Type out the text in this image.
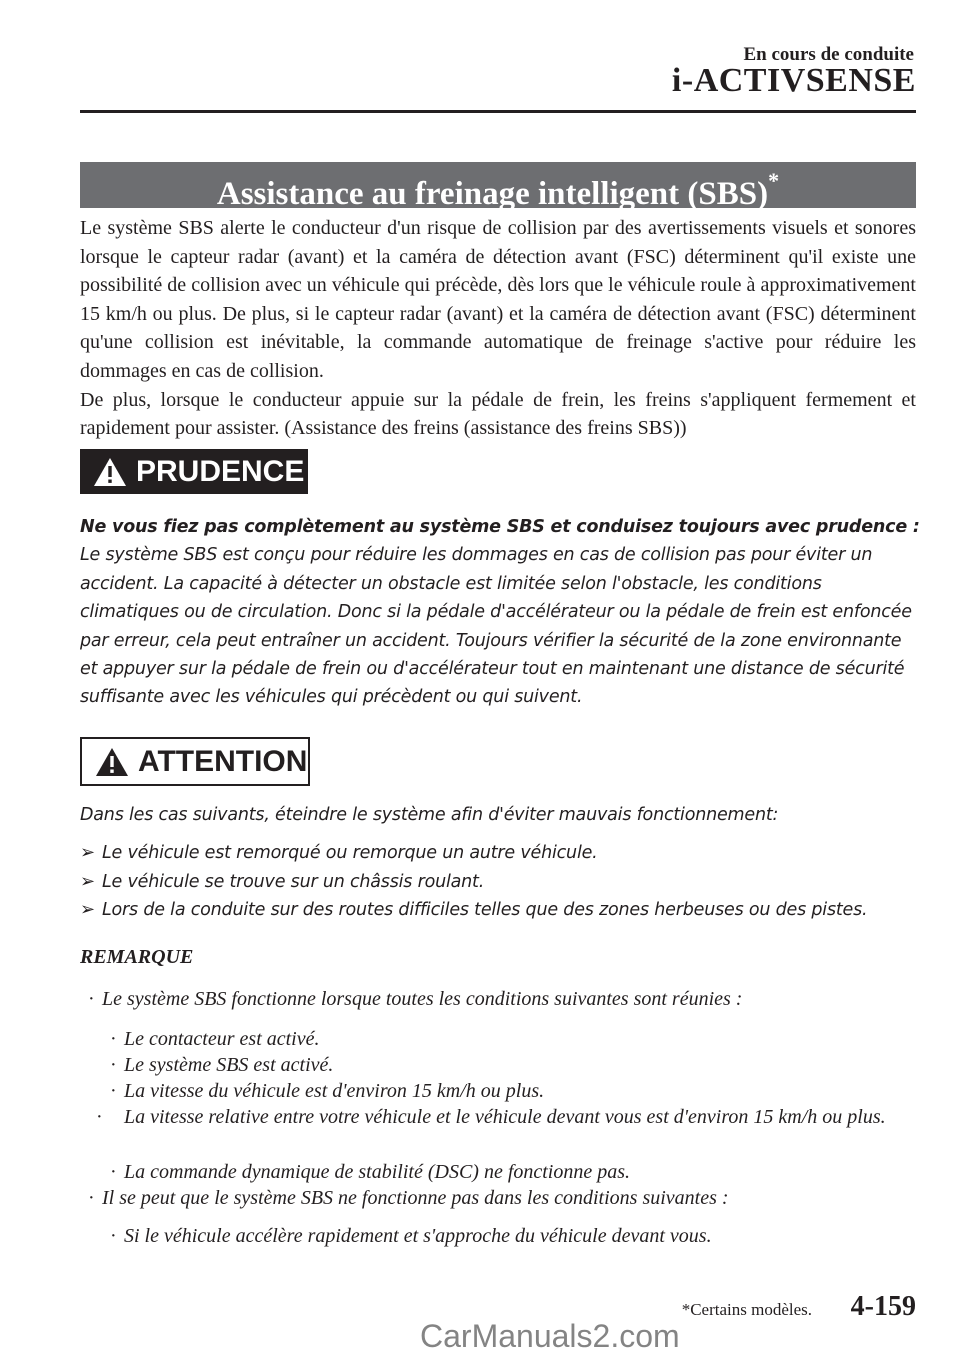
En cours de conduite
i-ACTIVSENSE
Assistance au freinage intelligent (SBS)*

Le système SBS alerte le conducteur d'un risque de collision par des avertissements visuels et sonores lorsque le capteur radar (avant) et la caméra de détection avant (FSC) déterminent qu'il existe une possibilité de collision avec un véhicule qui précède, dès lors que le véhicule roule à approximativement 15 km/h ou plus. De plus, si le capteur radar (avant) et la caméra de détection avant (FSC) déterminent qu'une collision est inévitable, la commande automatique de freinage s'active pour réduire les dommages en cas de collision.

De plus, lorsque le conducteur appuie sur la pédale de frein, les freins s'appliquent fermement et rapidement pour assister. (Assistance des freins (assistance des freins SBS))

PRUDENCE

Ne vous fiez pas complètement au système SBS et conduisez toujours avec prudence :

Le système SBS est conçu pour réduire les dommages en cas de collision pas pour éviter un accident. La capacité à détecter un obstacle est limitée selon l'obstacle, les conditions climatiques ou de circulation. Donc si la pédale d'accélérateur ou la pédale de frein est enfoncée par erreur, cela peut entraîner un accident. Toujours vérifier la sécurité de la zone environnante et appuyer sur la pédale de frein ou d'accélérateur tout en maintenant une distance de sécurité suffisante avec les véhicules qui précèdent ou qui suivent.

ATTENTION

Dans les cas suivants, éteindre le système afin d'éviter mauvais fonctionnement:

➢ Le véhicule est remorqué ou remorque un autre véhicule.
➢ Le véhicule se trouve sur un châssis roulant.
➢ Lors de la conduite sur des routes difficiles telles que des zones herbeuses ou des pistes.
REMARQUE
· Le système SBS fonctionne lorsque toutes les conditions suivantes sont réunies :
· Le contacteur est activé.
· Le système SBS est activé.
· La vitesse du véhicule est d'environ 15 km/h ou plus.
· La vitesse relative entre votre véhicule et le véhicule devant vous est d'environ 15 km/h ou plus.
· La commande dynamique de stabilité (DSC) ne fonctionne pas.
· Il se peut que le système SBS ne fonctionne pas dans les conditions suivantes :
· Si le véhicule accélère rapidement et s'approche du véhicule devant vous.
*Certains modèles. 4-159
CarManuals2.com
